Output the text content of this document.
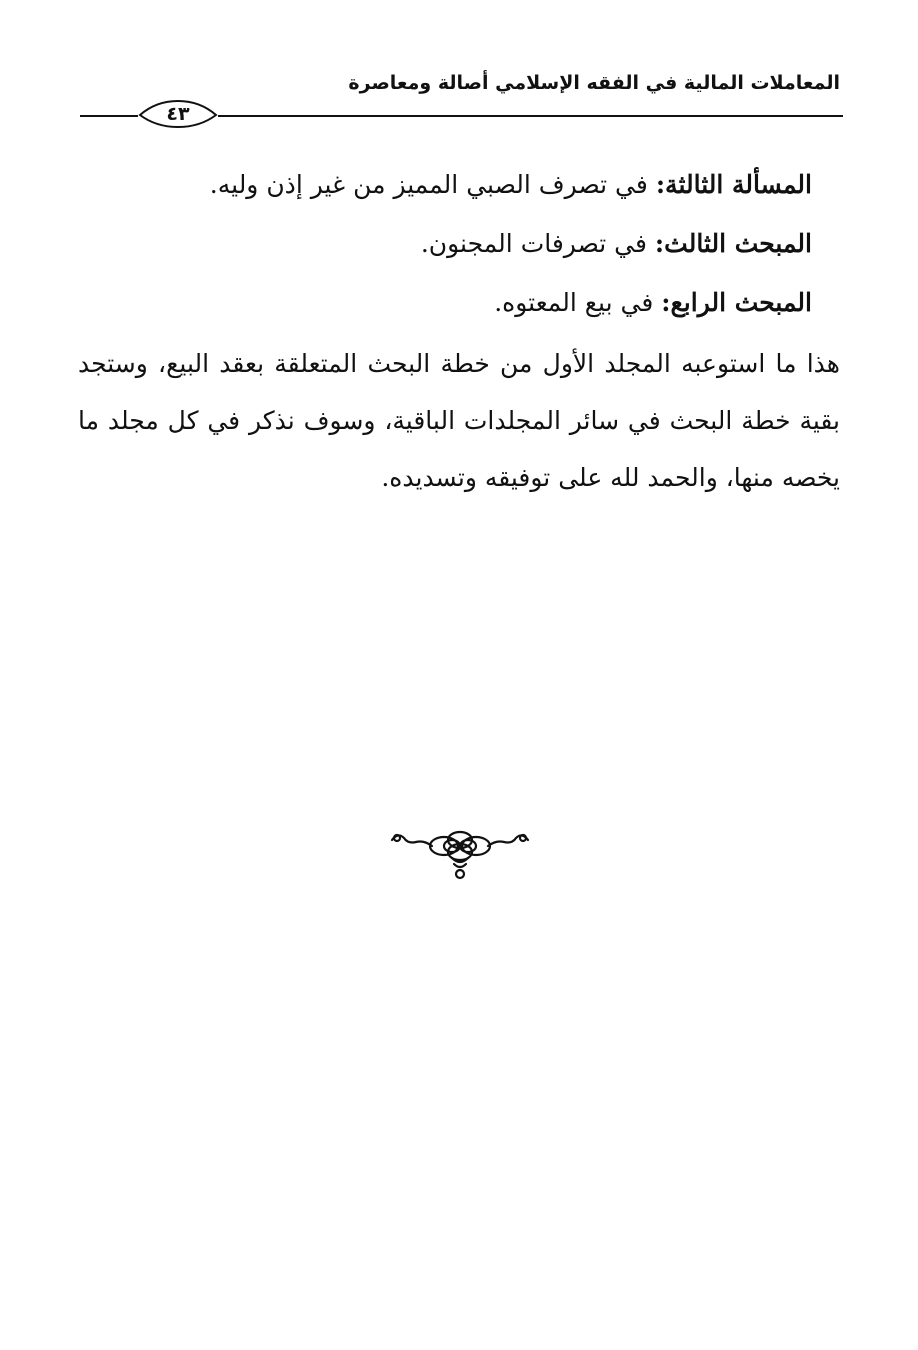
المعاملات المالية في الفقه الإسلامي أصالة ومعاصرة
٤٣

المسألة الثالثة: في تصرف الصبي المميز من غير إذن وليه.

المبحث الثالث: في تصرفات المجنون.

المبحث الرابع: في بيع المعتوه.

هذا ما استوعبه المجلد الأول من خطة البحث المتعلقة بعقد البيع، وستجد بقية خطة البحث في سائر المجلدات الباقية، وسوف نذكر في كل مجلد ما يخصه منها، والحمد لله على توفيقه وتسديده.
